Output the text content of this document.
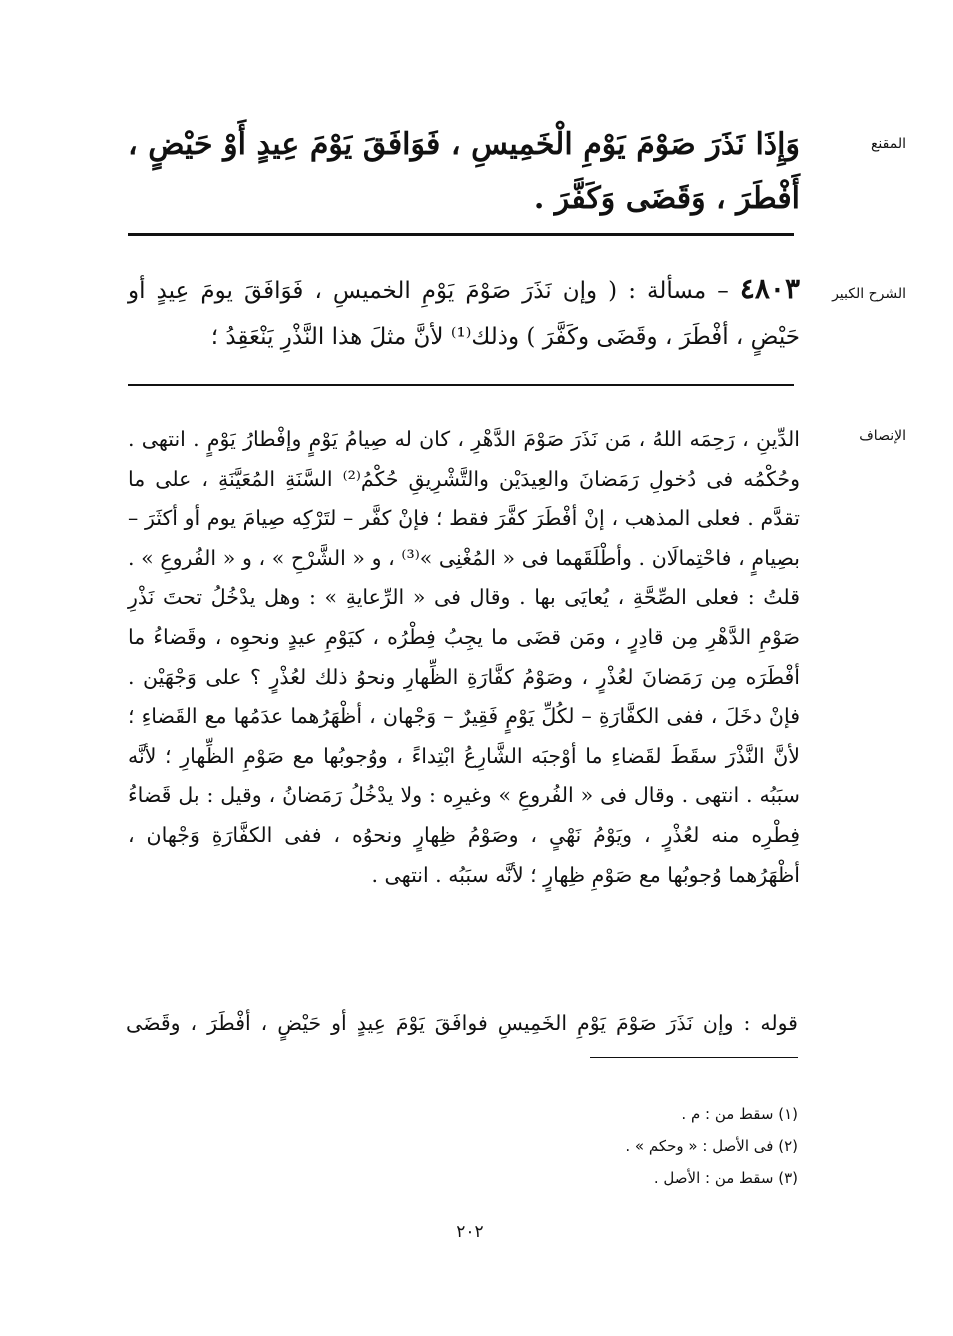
المقنع
وَإِذَا نَذَرَ صَوْمَ يَوْمِ الْخَمِيسِ ، فَوَافَقَ يَوْمَ عِيدٍ أَوْ حَيْضٍ ، أَفْطَرَ ، وَقَضَى وَكَفَّرَ .
الشرح الكبير
٤٨٠٣ – مسألة : ( وإن نَذَرَ صَوْمَ يَوْمِ الخميسِ ، فَوَافَقَ يومَ عِيدٍ أو حَيْضٍ ، أفْطَرَ ، وقَضَى وكَفَّرَ ) وذلك⁽¹⁾ لأنَّ مثلَ هذا النَّذْرِ يَنْعَقِدُ ؛
الإنصاف
الدِّينِ ، رَحِمَه اللهُ ، مَن نَذَرَ صَوْمَ الدَّهْرِ ، كان له صِيامُ يَوْمٍ وإفْطارُ يَوْمٍ . انتهى . وحُكْمُه فى دُخولِ رَمَضانَ والعِيدَيْن والتَّشْرِيقِ حُكْمُ⁽²⁾ السَّنَةِ المُعَيَّنَةِ ، على ما تقدَّم . فعلى المذهب ، إنْ أفْطَرَ كفَّرَ فقط ؛ فإنْ كفَّر – لتَرْكِه صِيامَ يوم أو أكثَرَ – بصِيامٍ ، فاحْتِمالَان . وأطْلَقَهما فى « المُغْنِى »⁽³⁾ ، و « الشَّرْحِ » ، و « الفُروعِ » . قلتُ : فعلى الصِّحَّةِ ، يُعايَى بها . وقال فى « الرِّعايةِ » : وهل يدْخُلُ تحتَ نَذْرِ صَوْمِ الدَّهْرِ مِن قادِرٍ ، ومَن قضَى ما يجِبُ فِطْرُه ، كيَوْمِ عيدٍ ونحوِه ، وقَضاءُ ما أفْطَرَه مِن رَمَضانَ لعُذْرٍ ، وصَوْمُ كفَّارَةِ الظِّهارِ ونحوُ ذلك لعُذْرٍ ؟ على وَجْهَيْن . فإنْ دخَلَ ، ففى الكفَّارَةِ – لكُلِّ يَوْمٍ فَقِيرٌ – وَجْهان ، أظْهَرُهما عدَمُها مع القَضاءِ ؛ لأنَّ النَّذْرَ سقَطَ لقَضاءِ ما أوْجبَه الشَّارِعُ ابْتِداءً ، ووُجوبُها مع صَوْمِ الظِّهارِ ؛ لأنَّه سبَبُه . انتهى . وقال فى « الفُروعِ » وغيرِه : ولا يدْخُلُ رَمَضانُ ، وقيل : بل قَضاءُ فِطْرِه منه لعُذْرٍ ، ويَوْمُ نَهْىٍ ، وصَوْمُ ظِهارٍ ونحوُه ، ففى الكفَّارَةِ وَجْهان ، أظْهَرُهما وُجوبُها مع صَوْمِ ظِهارٍ ؛ لأنَّه سبَبُه . انتهى .
قوله : وإن نَذَرَ صَوْمَ يَوْمِ الخَمِيسِ فوافَقَ يَوْمَ عِيدٍ أو حَيْضٍ ، أفْطَرَ ، وقَضَى
(١) سقط من : م .
(٢) فى الأصل : « وحكم » .
(٣) سقط من : الأصل .
٢٠٢
